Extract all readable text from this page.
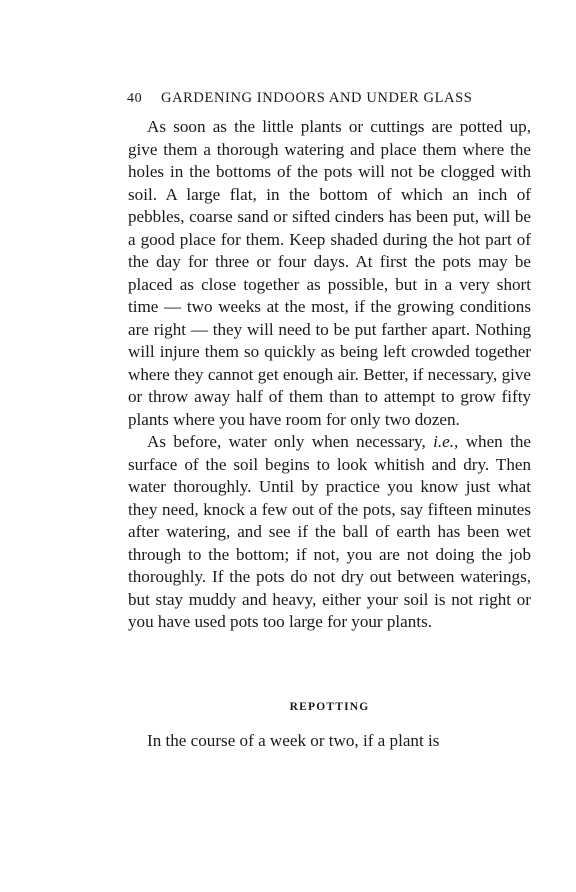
40 GARDENING INDOORS AND UNDER GLASS

As soon as the little plants or cuttings are potted up, give them a thorough watering and place them where the holes in the bottoms of the pots will not be clogged with soil. A large flat, in the bottom of which an inch of pebbles, coarse sand or sifted cinders has been put, will be a good place for them. Keep shaded during the hot part of the day for three or four days. At first the pots may be placed as close together as possible, but in a very short time — two weeks at the most, if the growing conditions are right — they will need to be put farther apart. Nothing will injure them so quickly as being left crowded together where they cannot get enough air. Better, if necessary, give or throw away half of them than to attempt to grow fifty plants where you have room for only two dozen.

As before, water only when necessary, i.e., when the surface of the soil begins to look whitish and dry. Then water thoroughly. Until by practice you know just what they need, knock a few out of the pots, say fifteen minutes after watering, and see if the ball of earth has been wet through to the bottom; if not, you are not doing the job thoroughly. If the pots do not dry out between waterings, but stay muddy and heavy, either your soil is not right or you have used pots too large for your plants.

REPOTTING

In the course of a week or two, if a plant is
